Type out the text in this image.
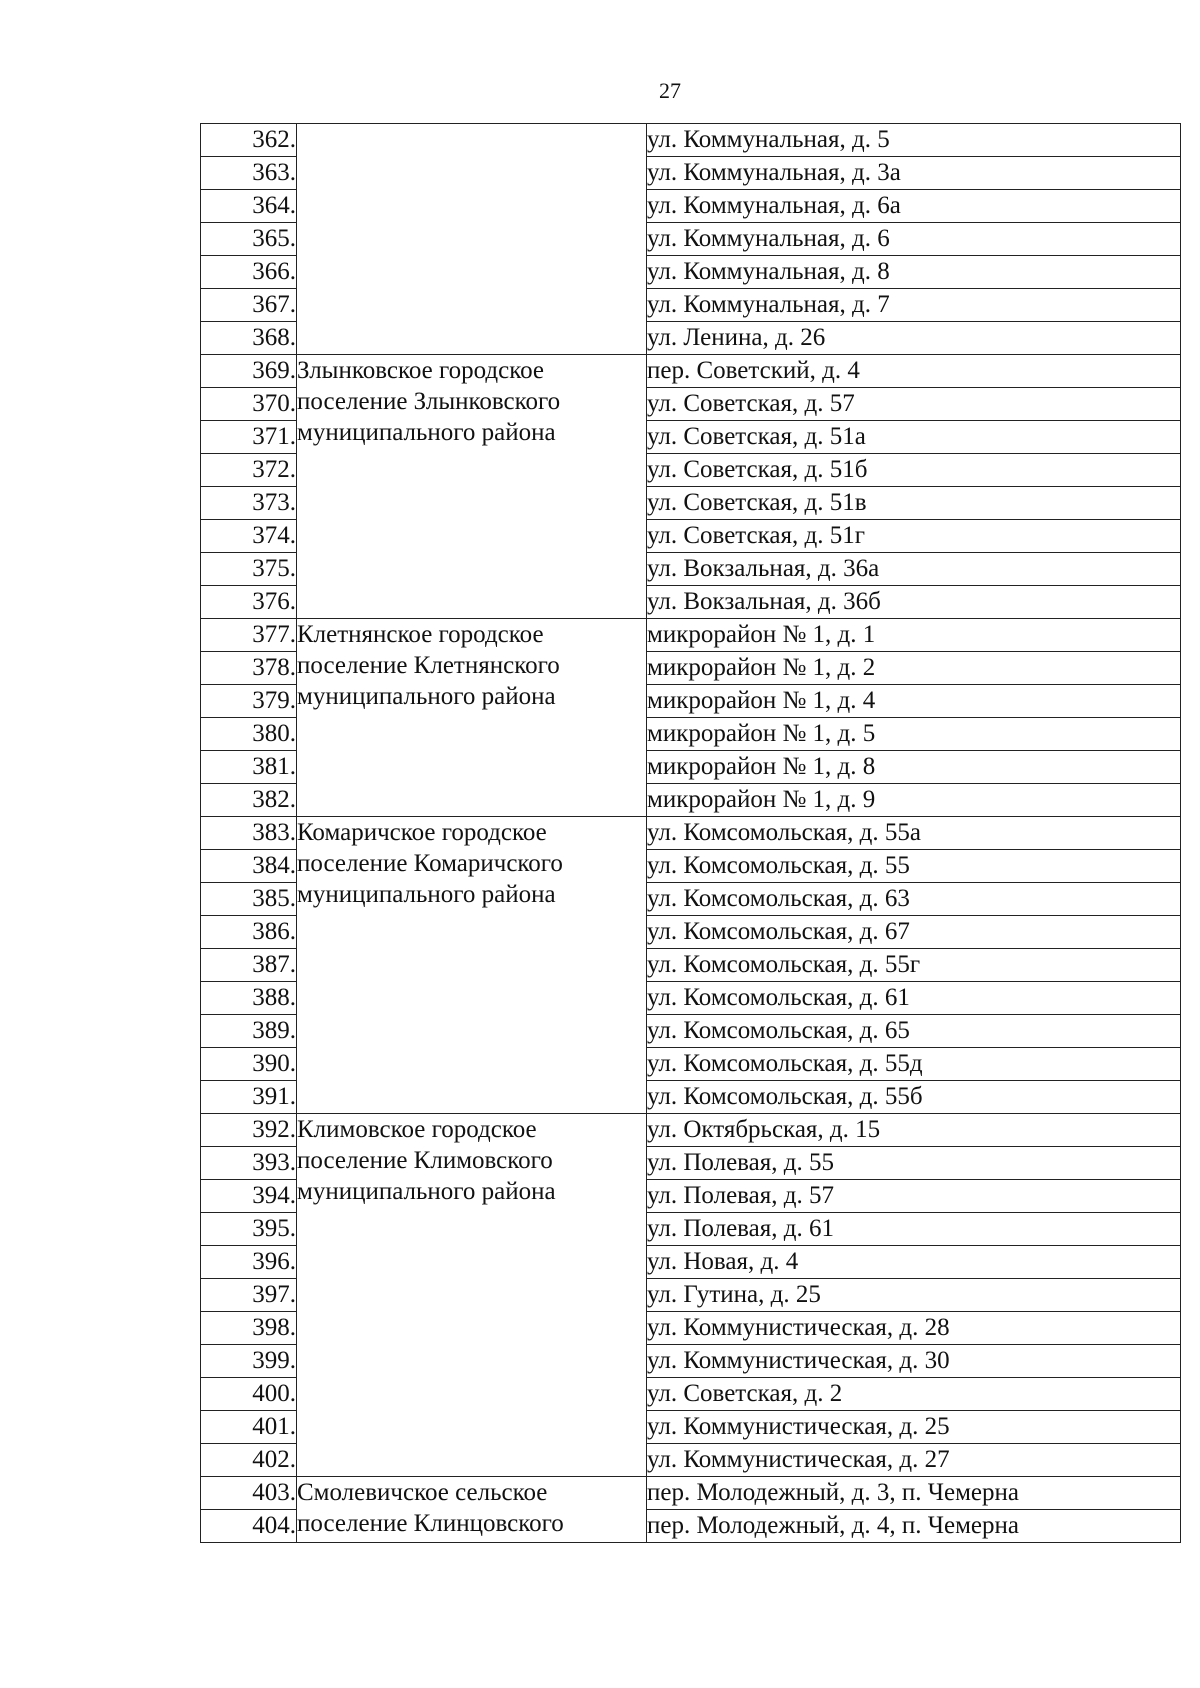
27
362.		ул. Коммунальная, д. 5
363.		ул. Коммунальная, д. 3а
364.		ул. Коммунальная, д. 6а
365.		ул. Коммунальная, д. 6
366.		ул. Коммунальная, д. 8
367.		ул. Коммунальная, д. 7
368.		ул. Ленина, д. 26
369.	Злынковское городское
поселение Злынковского
муниципального района	пер. Советский, д. 4
370.		ул. Советская, д. 57
371.		ул. Советская, д. 51а
372.		ул. Советская, д. 51б
373.		ул. Советская, д. 51в
374.		ул. Советская, д. 51г
375.		ул. Вокзальная, д. 36а
376.		ул. Вокзальная, д. 36б
377.	Клетнянское городское
поселение Клетнянского
муниципального района	микрорайон № 1, д. 1
378.		микрорайон № 1, д. 2
379.		микрорайон № 1, д. 4
380.		микрорайон № 1, д. 5
381.		микрорайон № 1, д. 8
382.		микрорайон № 1, д. 9
383.	Комаричское городское
поселение Комаричского
муниципального района	ул. Комсомольская, д. 55а
384.		ул. Комсомольская, д. 55
385.		ул. Комсомольская, д. 63
386.		ул. Комсомольская, д. 67
387.		ул. Комсомольская, д. 55г
388.		ул. Комсомольская, д. 61
389.		ул. Комсомольская, д. 65
390.		ул. Комсомольская, д. 55д
391.		ул. Комсомольская, д. 55б
392.	Климовское городское
поселение Климовского
муниципального района	ул. Октябрьская, д. 15
393.		ул. Полевая, д. 55
394.		ул. Полевая, д. 57
395.		ул. Полевая, д. 61
396.		ул. Новая, д. 4
397.		ул. Гутина, д. 25
398.		ул. Коммунистическая, д. 28
399.		ул. Коммунистическая, д. 30
400.		ул. Советская, д. 2
401.		ул. Коммунистическая, д. 25
402.		ул. Коммунистическая, д. 27
403.	Смолевичское сельское
поселение Клинцовского	пер. Молодежный, д. 3, п. Чемерна
404.		пер. Молодежный, д. 4, п. Чемерна
